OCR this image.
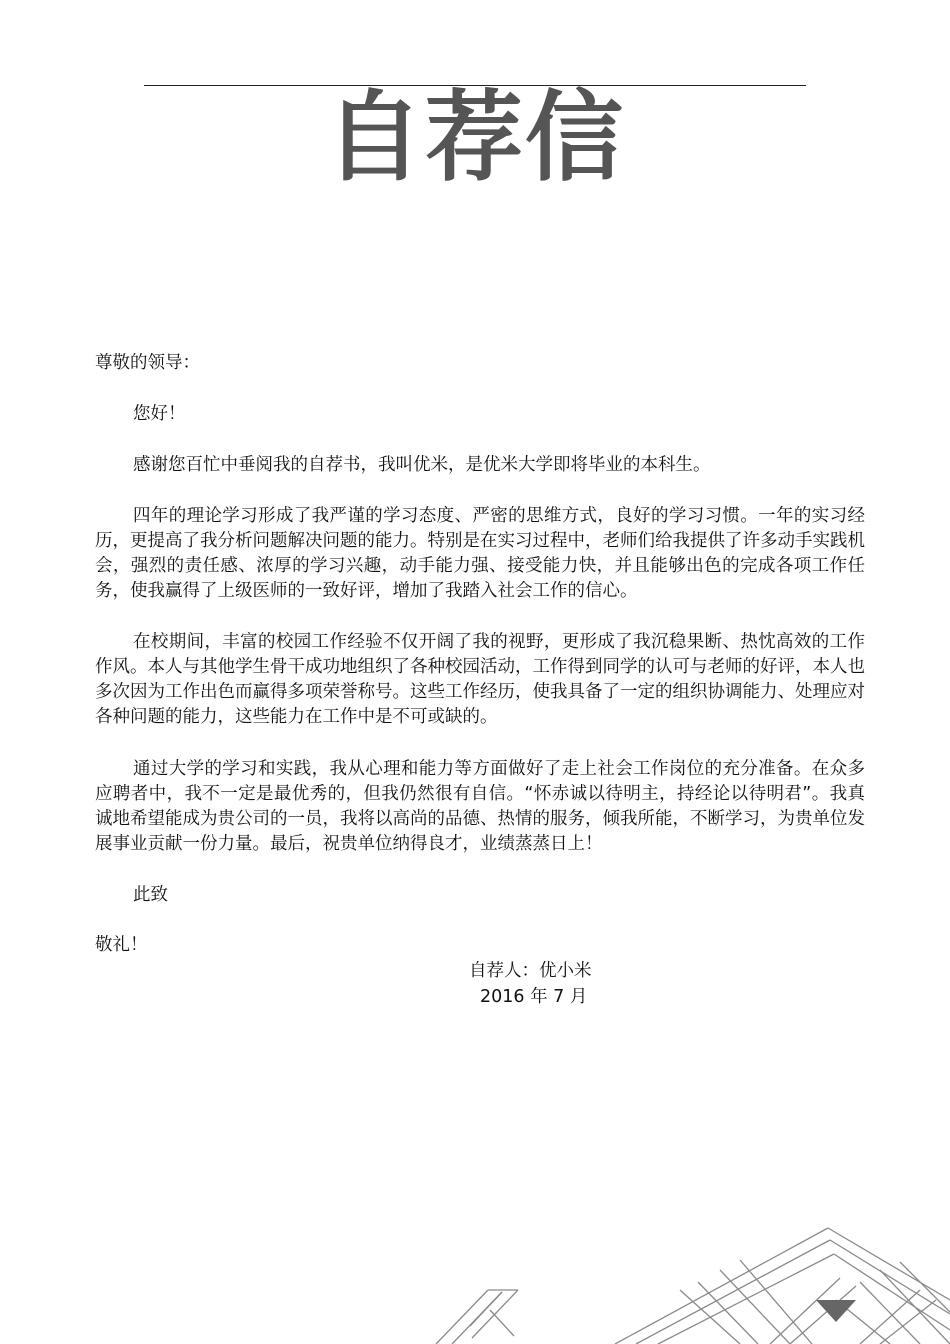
自荐信

尊敬的领导：

您好！

感谢您百忙中垂阅我的自荐书，我叫优米，是优米大学即将毕业的本科生。

四年的理论学习形成了我严谨的学习态度、严密的思维方式，良好的学习习惯。一年的实习经历，更提高了我分析问题解决问题的能力。特别是在实习过程中，老师们给我提供了许多动手实践机会，强烈的责任感、浓厚的学习兴趣，动手能力强、接受能力快，并且能够出色的完成各项工作任务，使我赢得了上级医师的一致好评，增加了我踏入社会工作的信心。

在校期间，丰富的校园工作经验不仅开阔了我的视野，更形成了我沉稳果断、热忱高效的工作作风。本人与其他学生骨干成功地组织了各种校园活动，工作得到同学的认可与老师的好评，本人也多次因为工作出色而赢得多项荣誉称号。这些工作经历，使我具备了一定的组织协调能力、处理应对各种问题的能力，这些能力在工作中是不可或缺的。

通过大学的学习和实践，我从心理和能力等方面做好了走上社会工作岗位的充分准备。在众多应聘者中，我不一定是最优秀的，但我仍然很有自信。“怀赤诚以待明主，持经论以待明君”。我真诚地希望能成为贵公司的一员，我将以高尚的品德、热情的服务，倾我所能，不断学习，为贵单位发展事业贡献一份力量。最后，祝贵单位纳得良才，业绩蒸蒸日上！

此致

敬礼！

自荐人：优小米

2016 年 7 月
